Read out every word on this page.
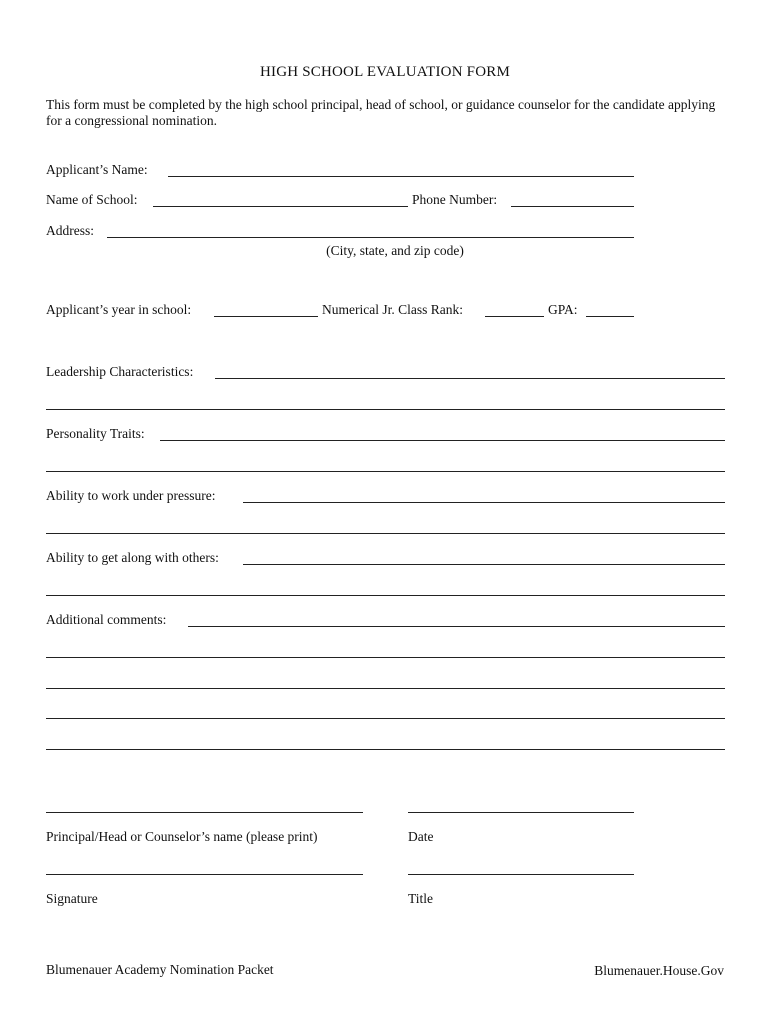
HIGH SCHOOL EVALUATION FORM
This form must be completed by the high school principal, head of school, or guidance counselor for the candidate applying for a congressional nomination.
Applicant’s Name:
Name of School:	Phone Number:
Address:
(City, state, and zip code)
Applicant’s year in school:	Numerical Jr. Class Rank:	GPA:
Leadership Characteristics:
Personality Traits:
Ability to work under pressure:
Ability to get along with others:
Additional comments:
Principal/Head or Counselor’s name (please print)	Date
Signature	Title
Blumenauer Academy Nomination Packet	Blumenauer.House.Gov
